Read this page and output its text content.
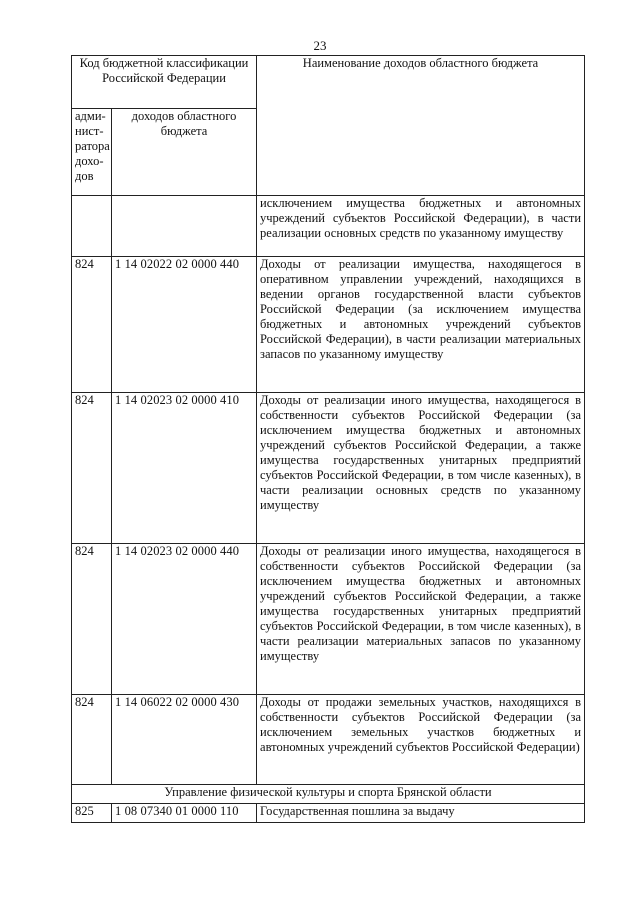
23
Код бюджетной классификации Российской Федерации		Наименование доходов областного бюджета
адми-нист-ратора дохо-дов	доходов областного бюджета	
		исключением имущества бюджетных и автономных учреждений субъектов Российской Федерации), в части реализации основных средств по указанному имуществу
824	1 14 02022 02 0000 440	Доходы от реализации имущества, находящегося в оперативном управлении учреждений, находящихся в ведении органов государственной власти субъектов Российской Федерации (за исключением имущества бюджетных и автономных учреждений субъектов Российской Федерации), в части реализации материальных запасов по указанному имуществу
824	1 14 02023 02 0000 410	Доходы от реализации иного имущества, находящегося в собственности субъектов Российской Федерации (за исключением имущества бюджетных и автономных учреждений субъектов Российской Федерации, а также имущества государственных унитарных предприятий субъектов Российской Федерации, в том числе казенных), в части реализации основных средств по указанному имуществу
824	1 14 02023 02 0000 440	Доходы от реализации иного имущества, находящегося в собственности субъектов Российской Федерации (за исключением имущества бюджетных и автономных учреждений субъектов Российской Федерации, а также имущества государственных унитарных предприятий субъектов Российской Федерации, в том числе казенных), в части реализации материальных запасов по указанному имуществу
824	1 14 06022 02 0000 430	Доходы от продажи земельных участков, находящихся в собственности субъектов Российской Федерации (за исключением земельных участков бюджетных и автономных учреждений субъектов Российской Федерации)
Управление физической культуры и спорта Брянской области		
825	1 08 07340 01 0000 110	Государственная пошлина за выдачу
